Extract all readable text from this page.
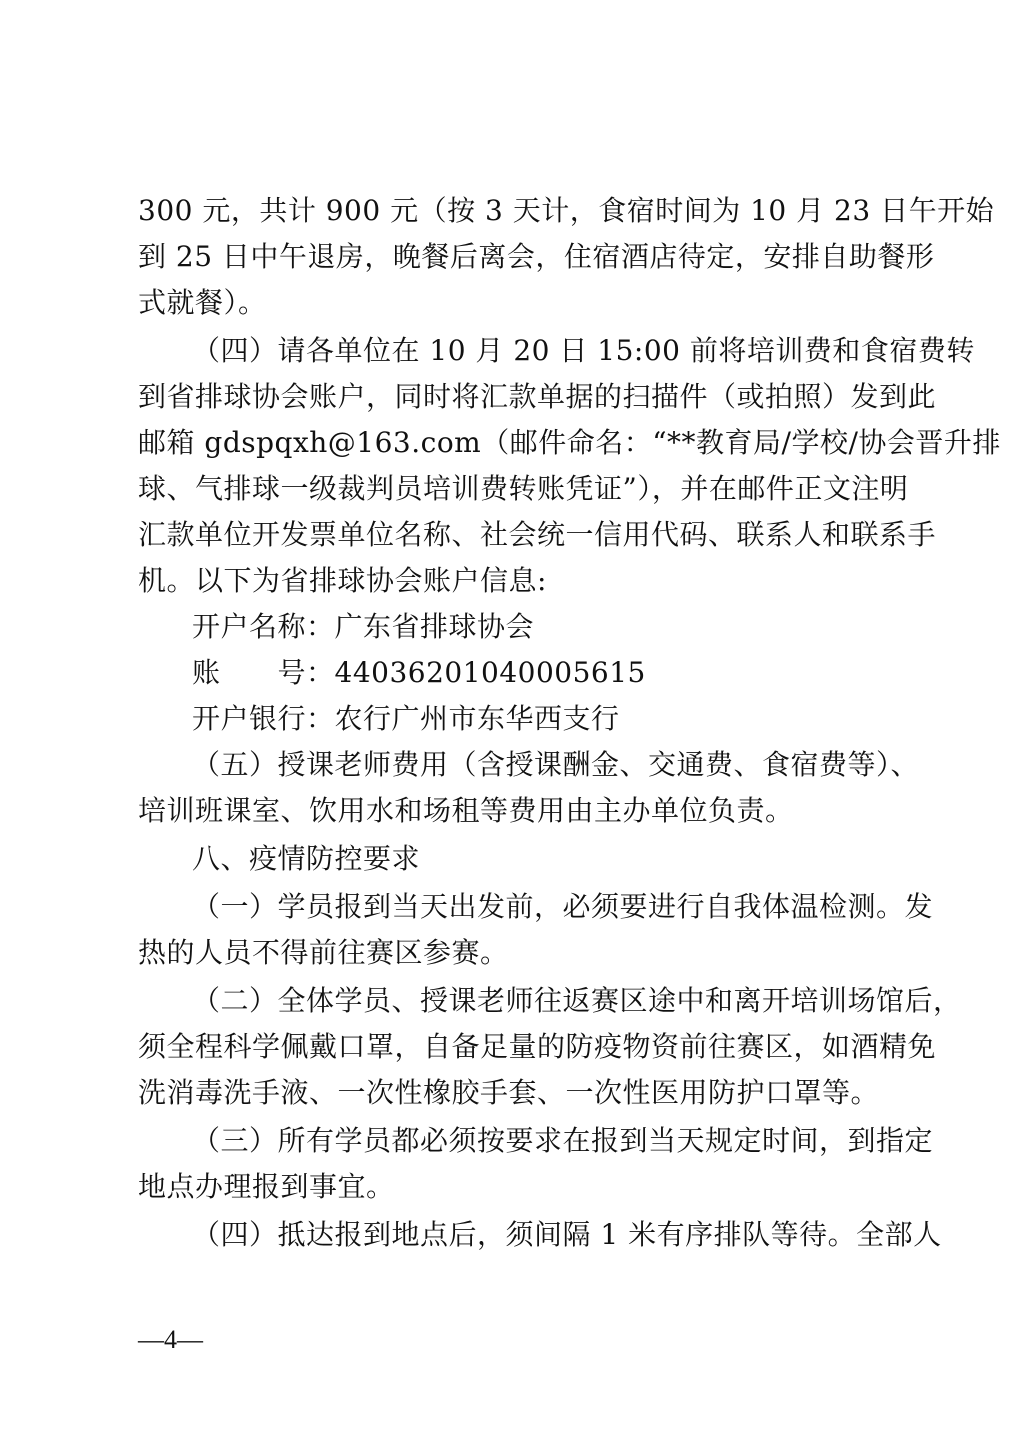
300 元，共计 900 元（按 3 天计，食宿时间为 10 月 23 日午开始
到 25 日中午退房，晚餐后离会，住宿酒店待定，安排自助餐形
式就餐）。
（四）请各单位在 10 月 20 日 15:00 前将培训费和食宿费转
到省排球协会账户，同时将汇款单据的扫描件（或拍照）发到此
邮箱 gdspqxh@163.com（邮件命名：“**教育局/学校/协会晋升排
球、气排球一级裁判员培训费转账凭证”），并在邮件正文注明
汇款单位开发票单位名称、社会统一信用代码、联系人和联系手
机。以下为省排球协会账户信息:
开户名称：广东省排球协会
账　　号：44036201040005615
开户银行：农行广州市东华西支行
（五）授课老师费用（含授课酬金、交通费、食宿费等）、
培训班课室、饮用水和场租等费用由主办单位负责。
八、疫情防控要求
（一）学员报到当天出发前，必须要进行自我体温检测。发
热的人员不得前往赛区参赛。
（二）全体学员、授课老师往返赛区途中和离开培训场馆后，
须全程科学佩戴口罩，自备足量的防疫物资前往赛区，如酒精免
洗消毒洗手液、一次性橡胶手套、一次性医用防护口罩等。
（三）所有学员都必须按要求在报到当天规定时间，到指定
地点办理报到事宜。
（四）抵达报到地点后，须间隔 1 米有序排队等待。全部人
—4—
